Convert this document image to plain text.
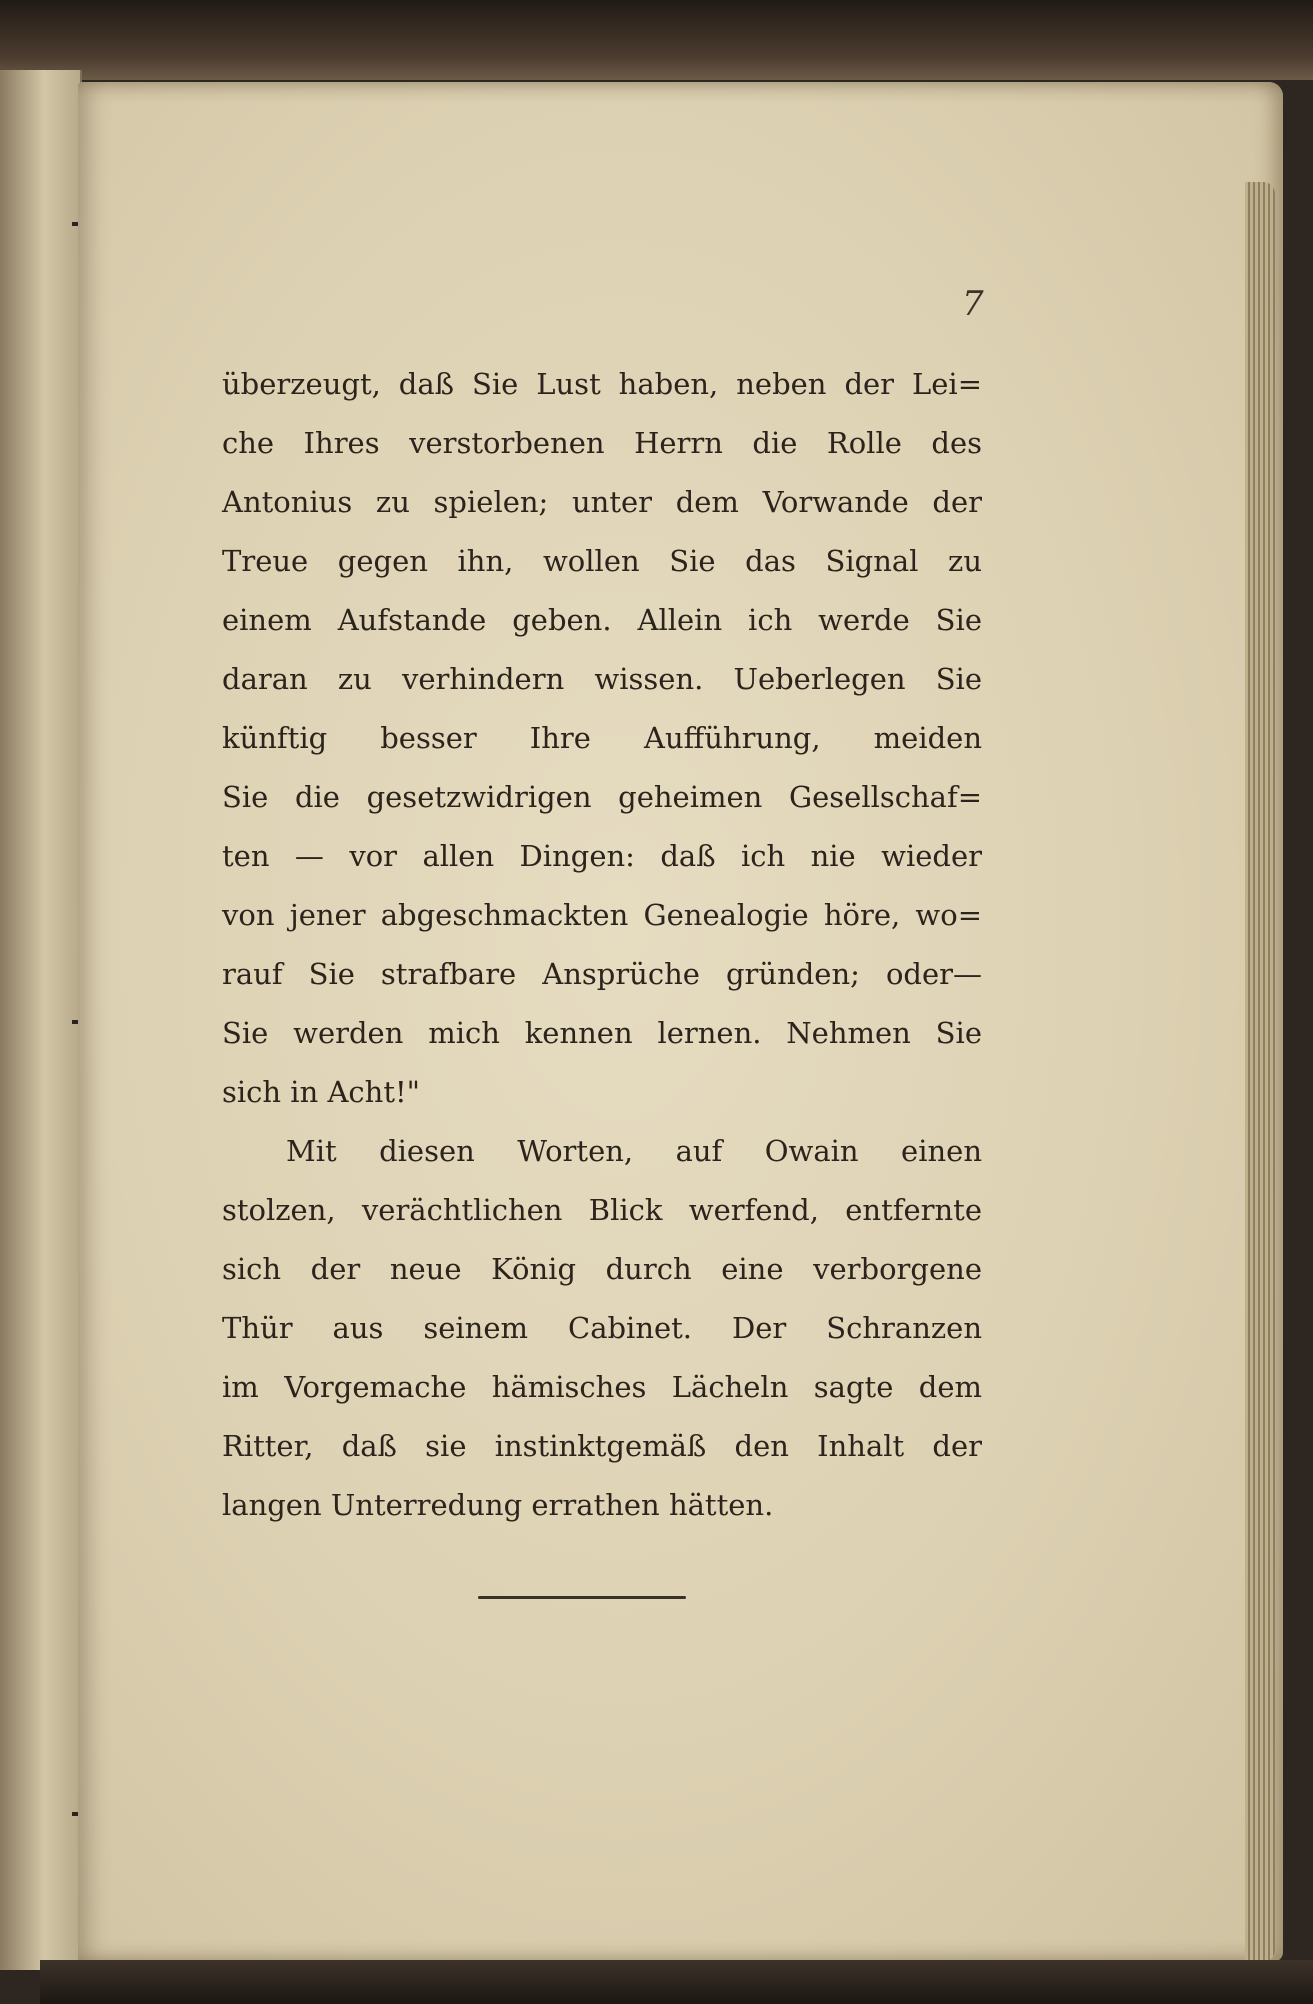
7
überzeugt, daß Sie Lust haben, neben der Lei=
che Ihres verstorbenen Herrn die Rolle des
Antonius zu spielen; unter dem Vorwande der
Treue gegen ihn, wollen Sie das Signal zu
einem Aufstande geben. Allein ich werde Sie
daran zu verhindern wissen. Ueberlegen Sie
künftig besser Ihre Aufführung, meiden
Sie die gesetzwidrigen geheimen Gesellschaf=
ten — vor allen Dingen: daß ich nie wieder
von jener abgeschmackten Genealogie höre, wo=
rauf Sie strafbare Ansprüche gründen; oder—
Sie werden mich kennen lernen. Nehmen Sie
sich in Acht!"
Mit diesen Worten, auf Owain einen
stolzen, verächtlichen Blick werfend, entfernte
sich der neue König durch eine verborgene
Thür aus seinem Cabinet. Der Schranzen
im Vorgemache hämisches Lächeln sagte dem
Ritter, daß sie instinktgemäß den Inhalt der
langen Unterredung errathen hätten.
